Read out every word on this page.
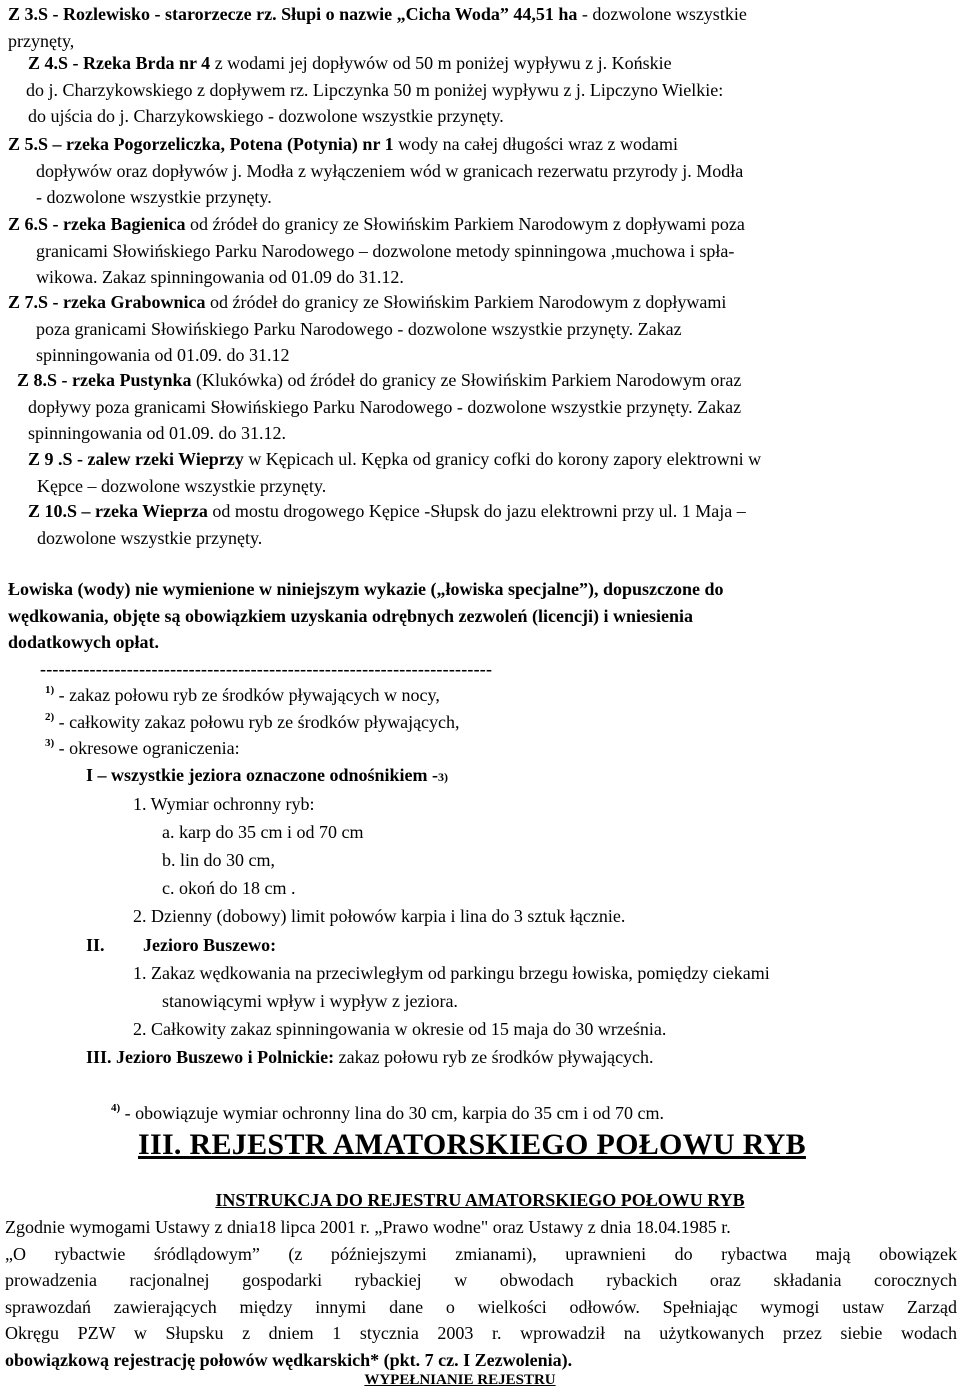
Z 3.S - Rozlewisko - starorzecze rz. Słupi o nazwie „Cicha Woda” 44,51 ha - dozwolone wszystkie
przynęty,
Z 4.S - Rzeka Brda nr 4 z wodami jej dopływów od 50 m poniżej wypływu z j. Końskie
do j. Charzykowskiego z dopływem rz. Lipczynka 50 m poniżej wypływu z j. Lipczyno Wielkie:
do ujścia do j. Charzykowskiego - dozwolone wszystkie przynęty.
Z 5.S – rzeka Pogorzeliczka, Potena (Potynia) nr 1 wody na całej długości wraz z wodami
dopływów oraz dopływów j. Modła z wyłączeniem wód w granicach rezerwatu przyrody j. Modła
- dozwolone wszystkie przynęty.
Z 6.S - rzeka Bagienica od źródeł do granicy ze Słowińskim Parkiem Narodowym z dopływami poza
granicami Słowińskiego Parku Narodowego – dozwolone metody spinningowa ,muchowa i spła-
wikowa. Zakaz spinningowania od 01.09 do 31.12.
Z 7.S - rzeka Grabownica od źródeł do granicy ze Słowińskim Parkiem Narodowym z dopływami
poza granicami Słowińskiego Parku Narodowego - dozwolone wszystkie przynęty. Zakaz
spinningowania od 01.09. do 31.12
Z 8.S - rzeka Pustynka (Klukówka) od źródeł do granicy ze Słowińskim Parkiem Narodowym oraz
dopływy poza granicami Słowińskiego Parku Narodowego - dozwolone wszystkie przynęty. Zakaz
spinningowania od 01.09. do 31.12.
Z 9 .S - zalew rzeki Wieprzy w Kępicach ul. Kępka od granicy cofki do korony zapory elektrowni w
Kępce – dozwolone wszystkie przynęty.
Z 10.S – rzeka Wieprza od mostu drogowego Kępice -Słupsk do jazu elektrowni przy ul. 1 Maja –
dozwolone wszystkie przynęty.
Łowiska (wody) nie wymienione w niniejszym wykazie („łowiska specjalne”), dopuszczone do
wędkowania, objęte są obowiązkiem uzyskania odrębnych zezwoleń (licencji) i wniesienia
dodatkowych opłat.
-------------------------------------------------------------------------
$^{1)}$ - zakaz połowu ryb ze środków pływających w nocy,
$^{2)}$ - całkowity zakaz połowu ryb ze środków pływających,
$^{3)}$ - okresowe ograniczenia:
I – wszystkie jeziora oznaczone odnośnikiem -3)
1. Wymiar ochronny ryb:
a. karp do 35 cm i od 70 cm
b. lin do 30 cm,
c. okoń do 18 cm .
2. Dzienny (dobowy) limit połowów karpia i lina do 3 sztuk łącznie.
II. Jezioro Buszewo:
1. Zakaz wędkowania na przeciwległym od parkingu brzegu łowiska, pomiędzy ciekami
stanowiącymi wpływ i wypływ z jeziora.
2. Całkowity zakaz spinningowania w okresie od 15 maja do 30 września.
III. Jezioro Buszewo i Polnickie: zakaz połowu ryb ze środków pływających.
$^{4)}$ - obowiązuje wymiar ochronny lina do 30 cm, karpia do 35 cm i od 70 cm.
III. REJESTR AMATORSKIEGO POŁOWU RYB
INSTRUKCJA DO REJESTRU AMATORSKIEGO POŁOWU RYB
Zgodnie wymogami Ustawy z dnia18 lipca 2001 r. „Prawo wodne" oraz Ustawy z dnia 18.04.1985 r.
„O rybactwie śródlądowym” (z późniejszymi zmianami), uprawnieni do rybactwa mają obowiązek
prowadzenia racjonalnej gospodarki rybackiej w obwodach rybackich oraz składania corocznych
sprawozdań zawierających między innymi dane o wielkości odłowów. Spełniając wymogi ustaw Zarząd
Okręgu PZW w Słupsku z dniem 1 stycznia 2003 r. wprowadził na użytkowanych przez siebie wodach
obowiązkową rejestrację połowów wędkarskich* (pkt. 7 cz. I Zezwolenia).
WYPEŁNIANIE REJESTRU
